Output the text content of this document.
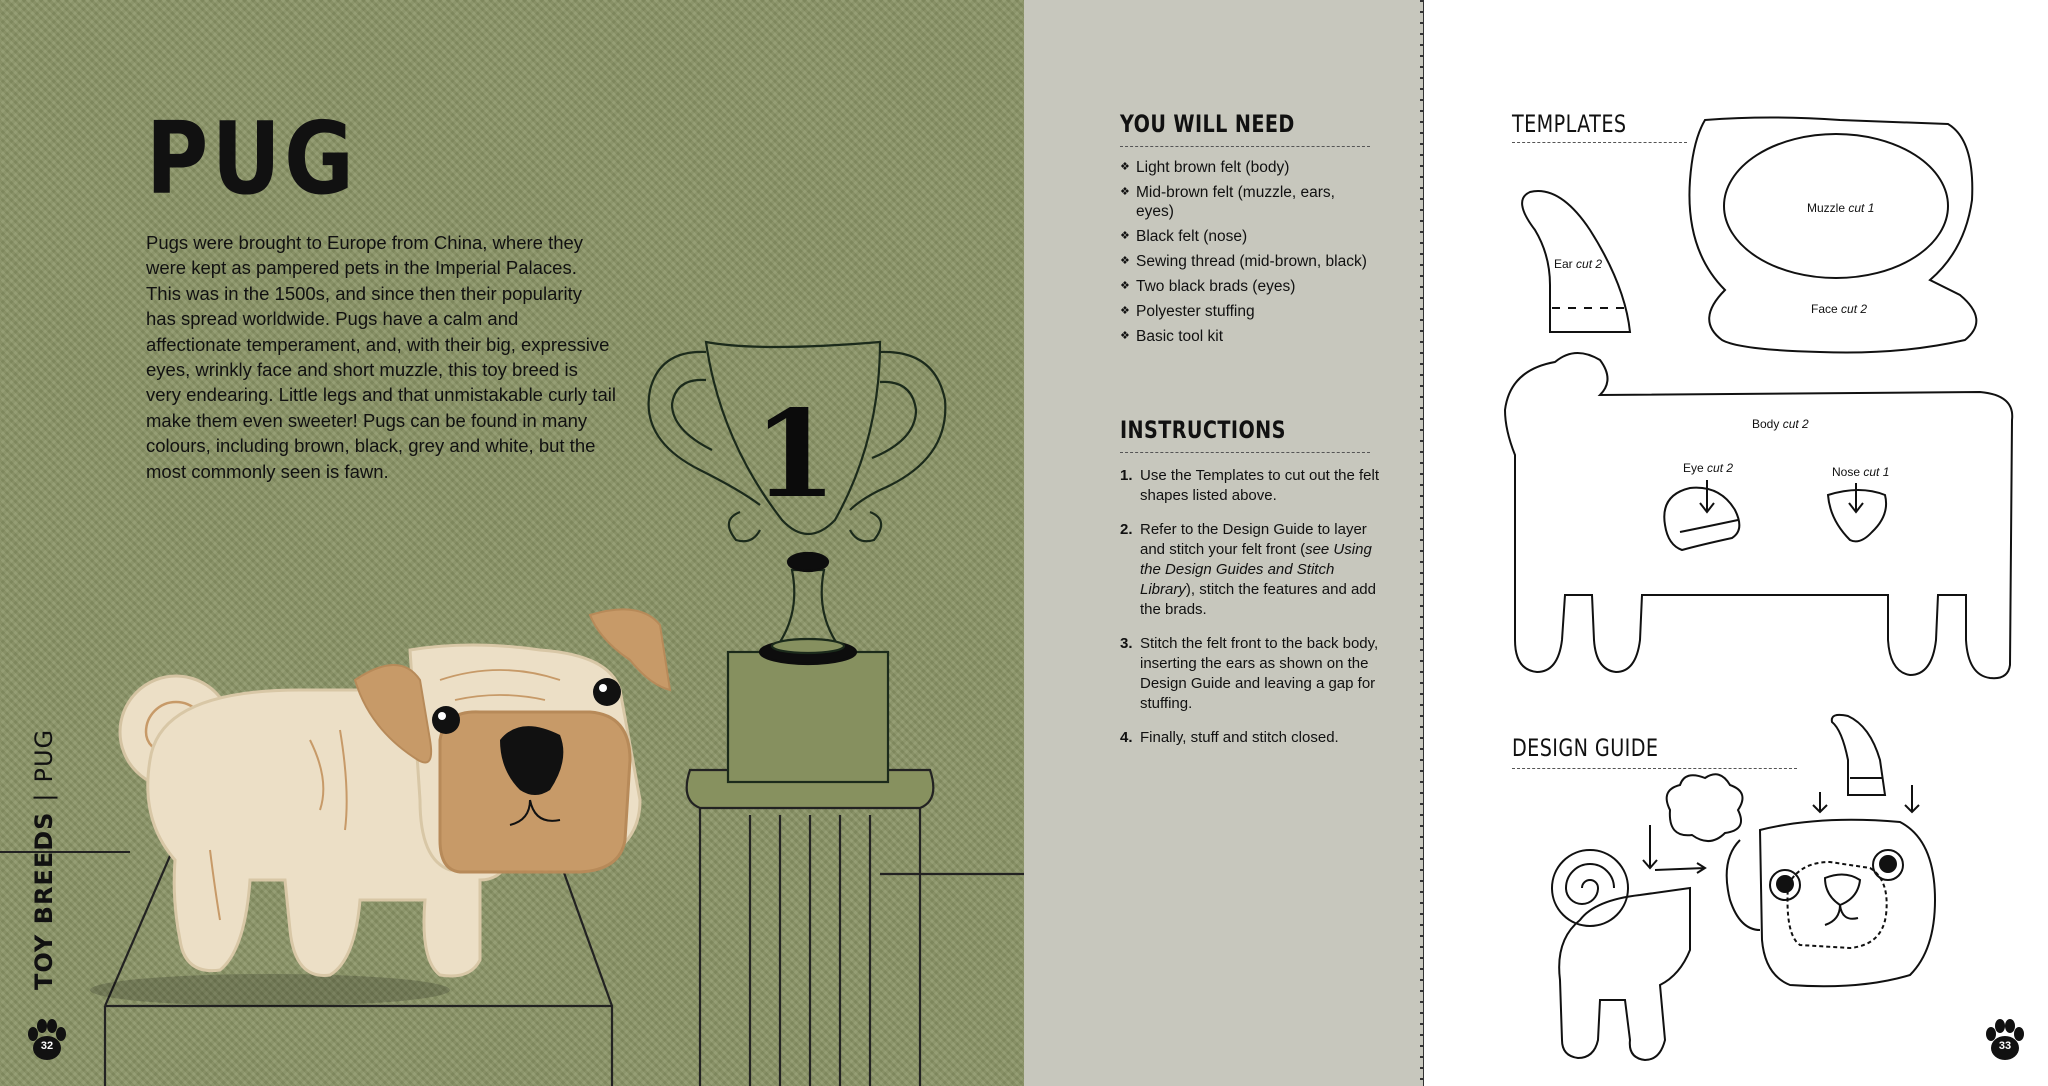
1
PUG

Pugs were brought to Europe from China, where they were kept as pampered pets in the Imperial Palaces. This was in the 1500s, and since then their popularity has spread worldwide. Pugs have a calm and affectionate temperament, and, with their big, expressive eyes, wrinkly face and short muzzle, this toy breed is very endearing. Little legs and that unmistakable curly tail make them even sweeter! Pugs can be found in many colours, including brown, black, grey and white, but the most commonly seen is fawn.

TOY BREEDS|PUG
32
YOU WILL NEED
❖ Light brown felt (body)
❖ Mid-brown felt (muzzle, ears, eyes)
❖ Black felt (nose)
❖ Sewing thread (mid-brown, black)
❖ Two black brads (eyes)
❖ Polyester stuffing
❖ Basic tool kit
INSTRUCTIONS
1. Use the Templates to cut out the felt shapes listed above.
2. Refer to the Design Guide to layer and stitch your felt front (see Using the Design Guides and Stitch Library), stitch the features and add the brads.
3. Stitch the felt front to the back body, inserting the ears as shown on the Design Guide and leaving a gap for stuffing.
4. Finally, stuff and stitch closed.
TEMPLATES
Muzzle cut 1
Ear cut 2
Face cut 2
Body cut 2
Eye cut 2	Nose cut 1
DESIGN GUIDE
33
